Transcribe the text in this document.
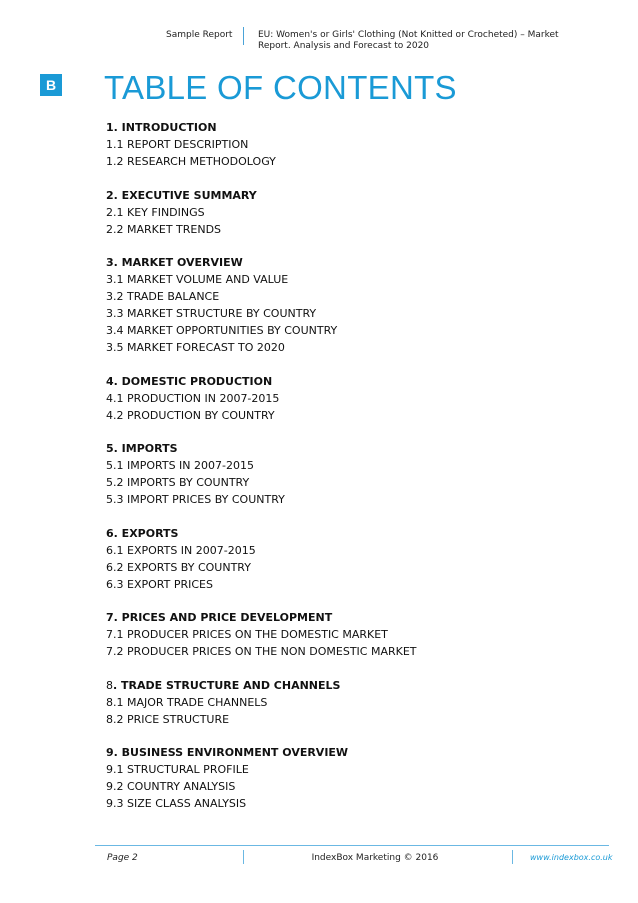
Sample Report	EU: Women's or Girls' Clothing (Not Knitted or Crocheted) – Market Report. Analysis and Forecast to 2020
B TABLE OF CONTENTS
1. INTRODUCTION
1.1 REPORT DESCRIPTION
1.2 RESEARCH METHODOLOGY
2. EXECUTIVE SUMMARY
2.1 KEY FINDINGS
2.2 MARKET TRENDS
3. MARKET OVERVIEW
3.1 MARKET VOLUME AND VALUE
3.2 TRADE BALANCE
3.3 MARKET STRUCTURE BY COUNTRY
3.4 MARKET OPPORTUNITIES BY COUNTRY
3.5 MARKET FORECAST TO 2020
4. DOMESTIC PRODUCTION
4.1 PRODUCTION IN 2007-2015
4.2 PRODUCTION BY COUNTRY
5. IMPORTS
5.1 IMPORTS IN 2007-2015
5.2 IMPORTS BY COUNTRY
5.3 IMPORT PRICES BY COUNTRY
6. EXPORTS
6.1 EXPORTS IN 2007-2015
6.2 EXPORTS BY COUNTRY
6.3 EXPORT PRICES
7. PRICES AND PRICE DEVELOPMENT
7.1 PRODUCER PRICES ON THE DOMESTIC MARKET
7.2 PRODUCER PRICES ON THE NON DOMESTIC MARKET
8. TRADE STRUCTURE AND CHANNELS
8.1 MAJOR TRADE CHANNELS
8.2 PRICE STRUCTURE
9. BUSINESS ENVIRONMENT OVERVIEW
9.1 STRUCTURAL PROFILE
9.2 COUNTRY ANALYSIS
9.3 SIZE CLASS ANALYSIS
Page 2	IndexBox Marketing © 2016	www.indexbox.co.uk
